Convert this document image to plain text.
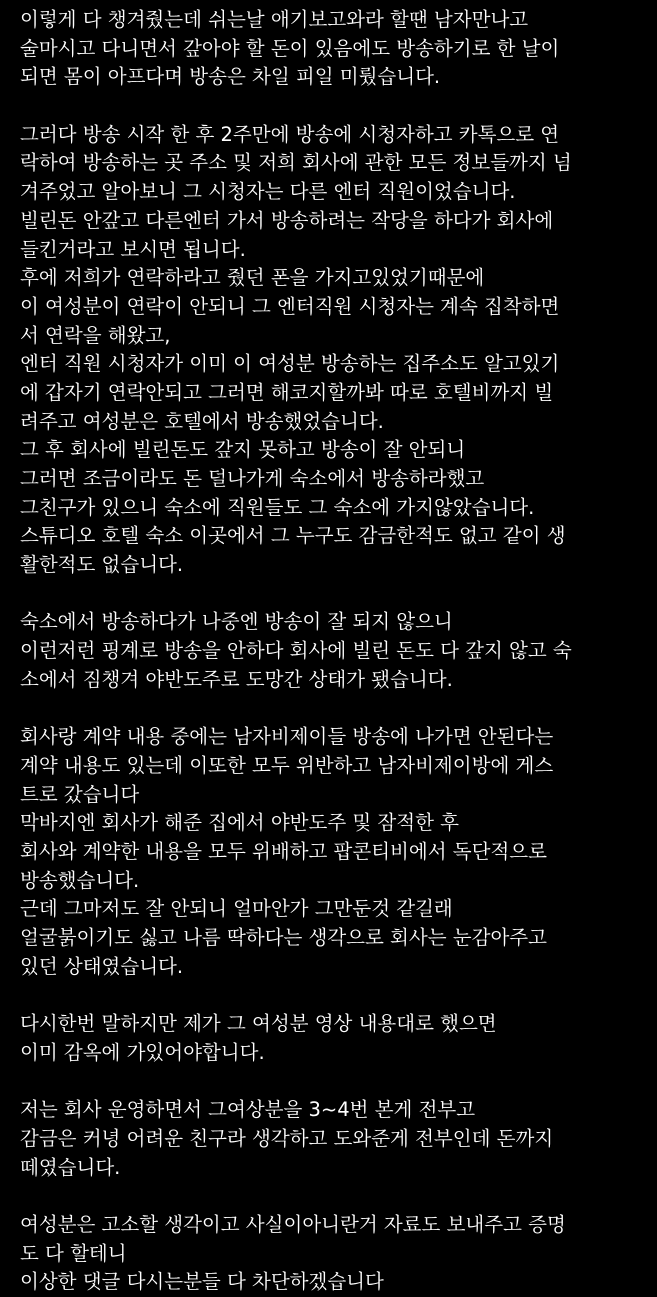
이렇게 다 챙겨줬는데 쉬는날 애기보고와라 할땐 남자만나고
술마시고 다니면서 갚아야 할 돈이 있음에도 방송하기로 한 날이
되면 몸이 아프다며 방송은 차일 피일 미뤘습니다.
그러다 방송 시작 한 후 2주만에 방송에 시청자하고 카톡으로 연
락하여 방송하는 곳 주소 및 저희 회사에 관한 모든 정보들까지 넘
겨주었고 알아보니 그 시청자는 다른 엔터 직원이었습니다.
빌린돈 안갚고 다른엔터 가서 방송하려는 작당을 하다가 회사에
들킨거라고 보시면 됩니다.
후에 저희가 연락하라고 줬던 폰을 가지고있었기때문에
이 여성분이 연락이 안되니 그 엔터직원 시청자는 계속 집착하면
서 연락을 해왔고,
엔터 직원 시청자가 이미 이 여성분 방송하는 집주소도 알고있기
에 갑자기 연락안되고 그러면 해코지할까봐 따로 호텔비까지 빌
려주고 여성분은 호텔에서 방송했었습니다.
그 후 회사에 빌린돈도 갚지 못하고 방송이 잘 안되니
그러면 조금이라도 돈 덜나가게 숙소에서 방송하라했고
그친구가 있으니 숙소에 직원들도 그 숙소에 가지않았습니다.
스튜디오 호텔 숙소 이곳에서 그 누구도 감금한적도 없고 같이 생
활한적도 없습니다.
숙소에서 방송하다가 나중엔 방송이 잘 되지 않으니
이런저런 핑계로 방송을 안하다 회사에 빌린 돈도 다 갚지 않고 숙
소에서 짐챙겨 야반도주로 도망간 상태가 됐습니다.
회사랑 계약 내용 중에는 남자비제이들 방송에 나가면 안된다는
계약 내용도 있는데 이또한 모두 위반하고 남자비제이방에 게스
트로 갔습니다
막바지엔 회사가 해준 집에서 야반도주 및 잠적한 후
회사와 계약한 내용을 모두 위배하고 팝콘티비에서 독단적으로
방송했습니다.
근데 그마저도 잘 안되니 얼마안가 그만둔것 같길래
얼굴붉이기도 싫고 나름 딱하다는 생각으로 회사는 눈감아주고
있던 상태였습니다.
다시한번 말하지만 제가 그 여성분 영상 내용대로 했으면
이미 감옥에 가있어야합니다.
저는 회사 운영하면서 그여상분을 3~4번 본게 전부고
감금은 커녕 어려운 친구라 생각하고 도와준게 전부인데 돈까지
떼였습니다.
여성분은 고소할 생각이고 사실이아니란거 자료도 보내주고 증명
도 다 할테니
이상한 댓글 다시는분들 다 차단하겠습니다
